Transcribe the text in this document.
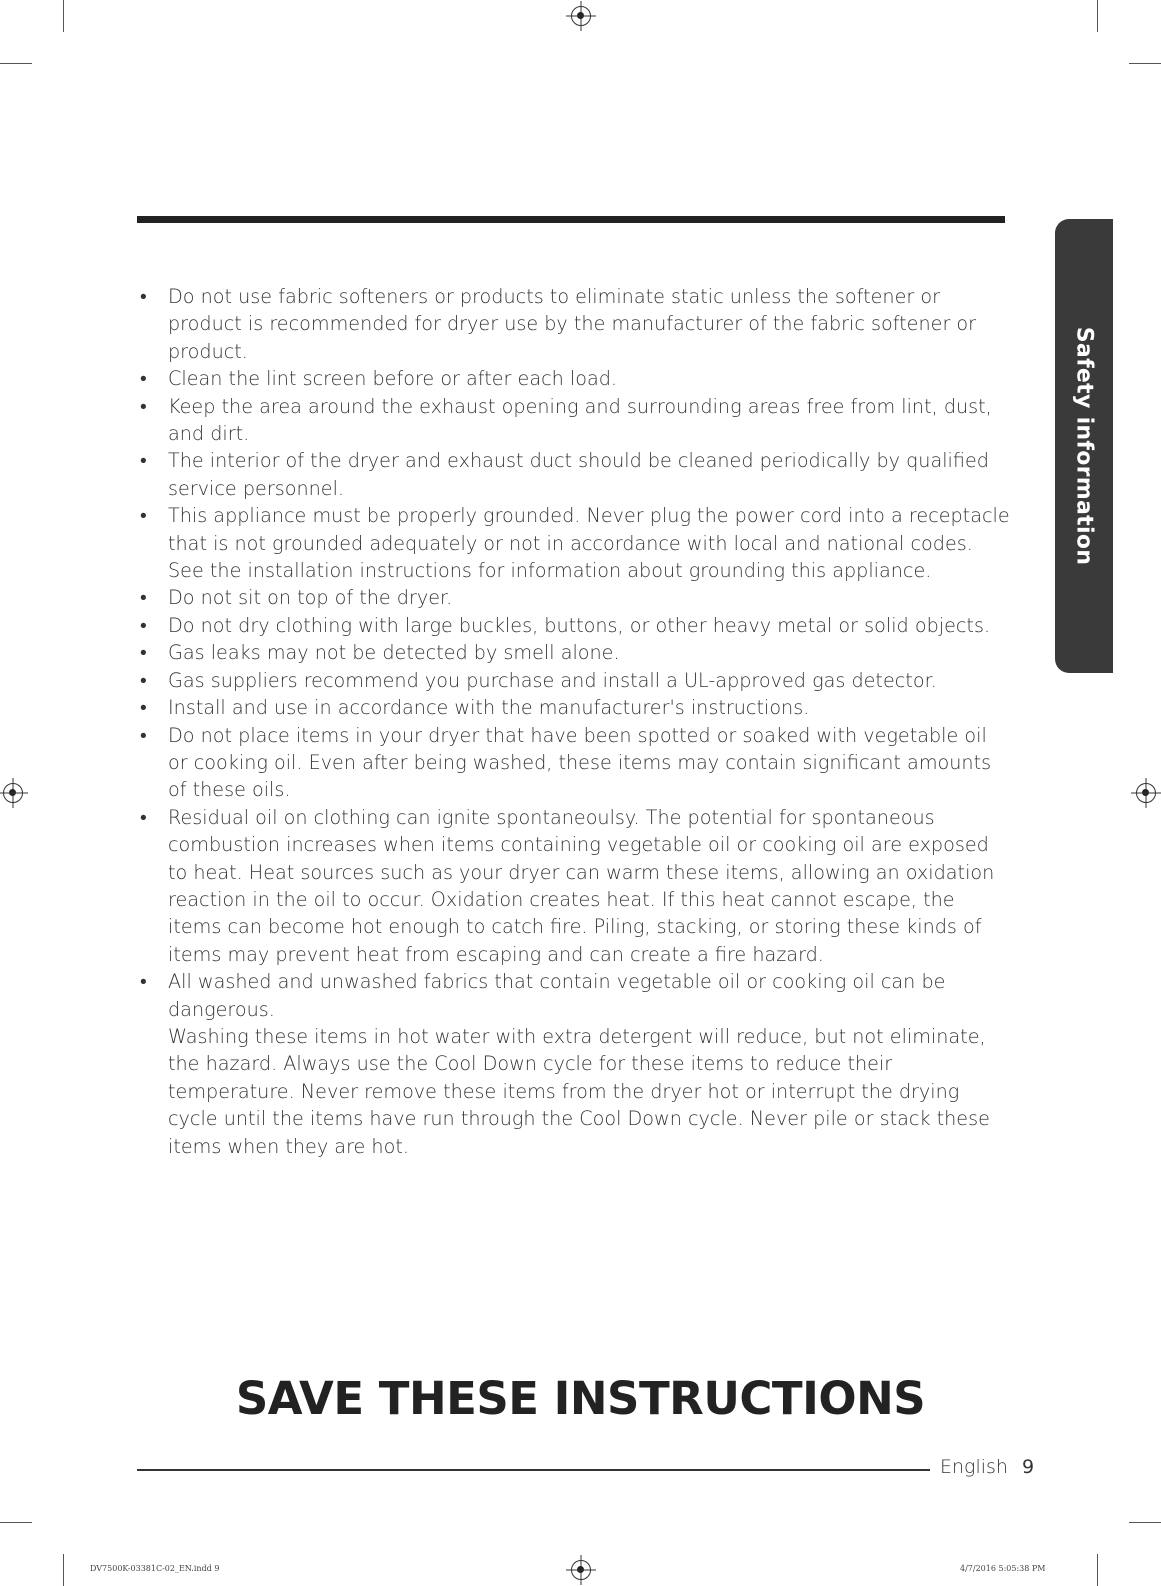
Safety information
•	Do not use fabric softeners or products to eliminate static unless the softener or product is recommended for dryer use by the manufacturer of the fabric softener or product.
•	Clean the lint screen before or after each load.
•	Keep the area around the exhaust opening and surrounding areas free from lint, dust, and dirt.
•	The interior of the dryer and exhaust duct should be cleaned periodically by qualified service personnel.
•	This appliance must be properly grounded. Never plug the power cord into a receptacle that is not grounded adequately or not in accordance with local and national codes. See the installation instructions for information about grounding this appliance.
•	Do not sit on top of the dryer.
•	Do not dry clothing with large buckles, buttons, or other heavy metal or solid objects.
•	Gas leaks may not be detected by smell alone.
•	Gas suppliers recommend you purchase and install a UL-approved gas detector.
•	Install and use in accordance with the manufacturer's instructions.
•	Do not place items in your dryer that have been spotted or soaked with vegetable oil or cooking oil. Even after being washed, these items may contain significant amounts of these oils.
•	Residual oil on clothing can ignite spontaneoulsy. The potential for spontaneous combustion increases when items containing vegetable oil or cooking oil are exposed to heat. Heat sources such as your dryer can warm these items, allowing an oxidation reaction in the oil to occur. Oxidation creates heat. If this heat cannot escape, the items can become hot enough to catch fire. Piling, stacking, or storing these kinds of items may prevent heat from escaping and can create a fire hazard.
•	All washed and unwashed fabrics that contain vegetable oil or cooking oil can be dangerous.
Washing these items in hot water with extra detergent will reduce, but not eliminate, the hazard. Always use the Cool Down cycle for these items to reduce their temperature. Never remove these items from the dryer hot or interrupt the drying cycle until the items have run through the Cool Down cycle. Never pile or stack these items when they are hot.
SAVE THESE INSTRUCTIONS
English 9
DV7500K-03381C-02_EN.indd 9	4/7/2016 5:05:38 PM
